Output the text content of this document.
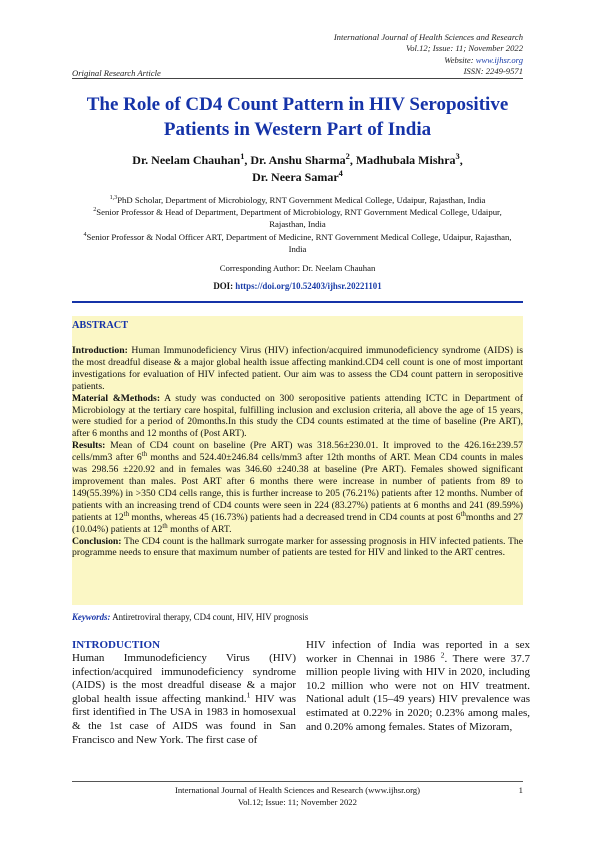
International Journal of Health Sciences and Research
Vol.12; Issue: 11; November 2022
Website: www.ijhsr.org
ISSN: 2249-9571
Original Research Article
The Role of CD4 Count Pattern in HIV Seropositive Patients in Western Part of India
Dr. Neelam Chauhan$^1$, Dr. Anshu Sharma$^2$, Madhubala Mishra$^3$,
Dr. Neera Samar$^4$
$^{1,3}$PhD Scholar, Department of Microbiology, RNT Government Medical College, Udaipur, Rajasthan, India
$^2$Senior Professor & Head of Department, Department of Microbiology, RNT Government Medical College, Udaipur, Rajasthan, India
$^4$Senior Professor & Nodal Officer ART, Department of Medicine, RNT Government Medical College, Udaipur, Rajasthan, India
Corresponding Author: Dr. Neelam Chauhan
DOI: https://doi.org/10.52403/ijhsr.20221101
ABSTRACT

Introduction: Human Immunodeficiency Virus (HIV) infection/acquired immunodeficiency syndrome (AIDS) is the most dreadful disease & a major global health issue affecting mankind.CD4 cell count is one of most important investigations for evaluation of HIV infected patient. Our aim was to assess the CD4 count pattern in seropositive patients.

Material &Methods: A study was conducted on 300 seropositive patients attending ICTC in Department of Microbiology at the tertiary care hospital, fulfilling inclusion and exclusion criteria, all above the age of 15 years, were studied for a period of 20months.In this study the CD4 counts estimated at the time of baseline (Pre ART), after 6 months and 12 months of (Post ART).

Results: Mean of CD4 count on baseline (Pre ART) was 318.56±230.01. It improved to the 426.16±239.57 cells/mm3 after 6th months and 524.40±246.84 cells/mm3 after 12th months of ART. Mean CD4 counts in males was 298.56 ±220.92 and in females was 346.60 ±240.38 at baseline (Pre ART). Females showed significant improvement than males. Post ART after 6 months there were increase in number of patients from 89 to 149(55.39%) in >350 CD4 cells range, this is further increase to 205 (76.21%) patients after 12 months. Number of patients with an increasing trend of CD4 counts were seen in 224 (83.27%) patients at 6 months and 241 (89.59%) patients at 12th months, whereas 45 (16.73%) patients had a decreased trend in CD4 counts at post 6thmonths and 27 (10.04%) patients at 12th months of ART.

Conclusion: The CD4 count is the hallmark surrogate marker for assessing prognosis in HIV infected patients. The programme needs to ensure that maximum number of patients are tested for HIV and linked to the ART centres.

Keywords: Antiretroviral therapy, CD4 count, HIV, HIV prognosis
INTRODUCTION
Human Immunodeficiency Virus (HIV) infection/acquired immunodeficiency syndrome (AIDS) is the most dreadful disease & a major global health issue affecting mankind.$^1$ HIV was first identified in The USA in 1983 in homosexual & the 1st case of AIDS was found in San Francisco and New York. The first case of
HIV infection of India was reported in a sex worker in Chennai in 1986 $^2$. There were 37.7 million people living with HIV in 2020, including 10.2 million who were not on HIV treatment. National adult (15–49 years) HIV prevalence was estimated at 0.22% in 2020; 0.23% among males, and 0.20% among females. States of Mizoram,
International Journal of Health Sciences and Research (www.ijhsr.org)
Vol.12; Issue: 11; November 2022
1
